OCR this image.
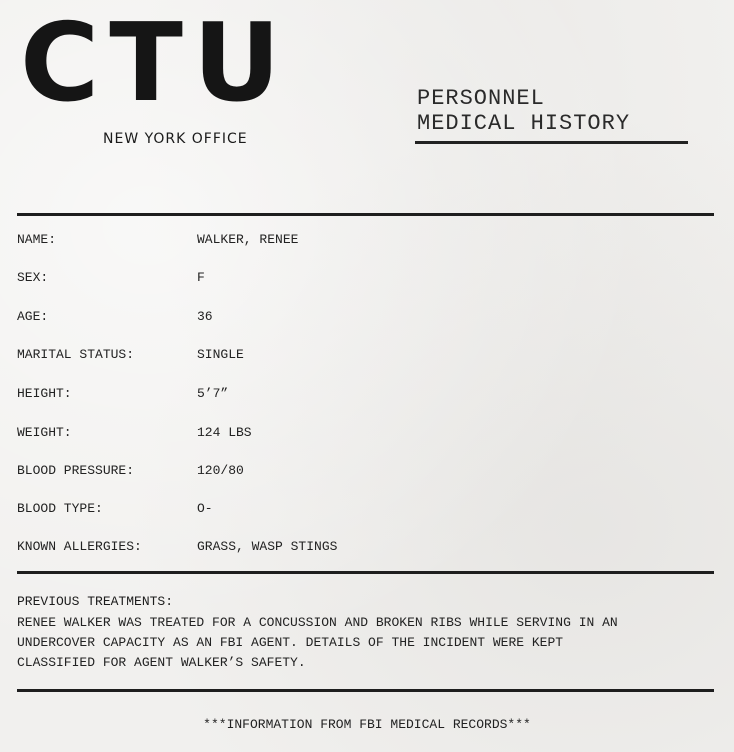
CTU
NEW YORK OFFICE
PERSONNEL
MEDICAL HISTORY
NAME:	WALKER, RENEE
SEX:	F
AGE:	36
MARITAL STATUS:	SINGLE
HEIGHT:	5’7”
WEIGHT:	124 LBS
BLOOD PRESSURE:	120/80
BLOOD TYPE:	O-
KNOWN ALLERGIES:	GRASS, WASP STINGS
PREVIOUS TREATMENTS:
RENEE WALKER WAS TREATED FOR A CONCUSSION AND BROKEN RIBS WHILE SERVING IN AN
UNDERCOVER CAPACITY AS AN FBI AGENT. DETAILS OF THE INCIDENT WERE KEPT
CLASSIFIED FOR AGENT WALKER’S SAFETY.
***INFORMATION FROM FBI MEDICAL RECORDS***
